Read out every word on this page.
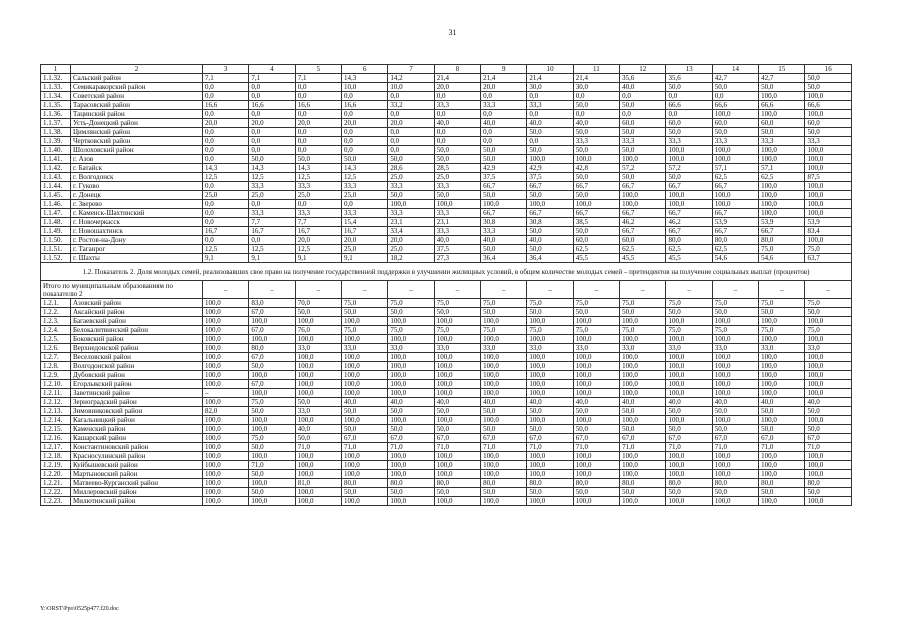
31
1	2	3	4	5	6	7	8	9	10	11	12	13	14	15	16
1.1.32.	Сальский район	7,1	7,1	7,1	14,3	14,2	21,4	21,4	21,4	21,4	35,6	35,6	42,7	42,7	50,0
1.1.33.	Семикаракорский район	0,0	0,0	0,0	10,0	10,0	20,0	20,0	30,0	30,0	40,0	50,0	50,0	50,0	50,0
1.1.34.	Советский район	0,0	0,0	0,0	0,0	0,0	0,0	0,0	0,0	0,0	0,0	0,0	0,0	100,0	100,0
1.1.35.	Тарасовский район	16,6	16,6	16,6	16,6	33,2	33,3	33,3	33,3	50,0	50,0	66,6	66,6	66,6	66,6
1.1.36.	Тацинский район	0,0	0,0	0,0	0,0	0,0	0,0	0,0	0,0	0,0	0,0	0,0	100,0	100,0	100,0
1.1.37.	Усть-Донецкий район	20,0	20,0	20,0	20,0	20,0	40,0	40,0	40,0	40,0	60,0	60,0	60,0	60,0	60,0
1.1.38.	Цимлянский район	0,0	0,0	0,0	0,0	0,0	0,0	0,0	50,0	50,0	50,0	50,0	50,0	50,0	50,0
1.1.39.	Чертковский район	0,0	0,0	0,0	0,0	0,0	0,0	0,0	0,0	33,3	33,3	33,3	33,3	33,3	33,3
1.1.40.	Шолоховский район	0,0	0,0	0,0	0,0	0,0	50,0	50,0	50,0	50,0	50,0	100,0	100,0	100,0	100,0
1.1.41.	г. Азов	0,0	50,0	50,0	50,0	50,0	50,0	50,0	100,0	100,0	100,0	100,0	100,0	100,0	100,0
1.1.42.	г. Батайск	14,3	14,3	14,3	14,3	28,6	28,5	42,9	42,9	42,8	57,2	57,2	57,1	57,1	100,0
1.1.43.	г. Волгодонск	12,5	12,5	12,5	12,5	25,0	25,0	37,5	37,5	50,0	50,0	50,0	62,5	62,5	87,5
1.1.44.	г. Гуково	0,0	33,3	33,3	33,3	33,3	33,3	66,7	66,7	66,7	66,7	66,7	66,7	100,0	100,0
1.1.45.	г. Донецк	25,0	25,0	25,0	25,0	50,0	50,0	50,0	50,0	50,0	100,0	100,0	100,0	100,0	100,0
1.1.46.	г. Зверево	0,0	0,0	0,0	0,0	100,0	100,0	100,0	100,0	100,0	100,0	100,0	100,0	100,0	100,0
1.1.47.	г. Каменск-Шахтинский	0,0	33,3	33,3	33,3	33,3	33,3	66,7	66,7	66,7	66,7	66,7	66,7	100,0	100,0
1.1.48.	г. Новочеркасск	0,0	7,7	7,7	15,4	23,1	23,1	30,8	30,8	38,5	46,2	46,2	53,9	53,9	53,9
1.1.49.	г. Новошахтинск	16,7	16,7	16,7	16,7	33,4	33,3	33,3	50,0	50,0	66,7	66,7	66,7	66,7	83,4
1.1.50.	г. Ростов-на-Дону	0,0	0,0	20,0	20,0	20,0	40,0	40,0	40,0	60,0	60,0	80,0	80,0	80,0	100,0
1.1.51.	г. Таганрог	12,5	12,5	12,5	25,0	25,0	37,5	50,0	50,0	62,5	62,5	62,5	62,5	75,0	75,0
1.1.52.	г. Шахты	9,1	9,1	9,1	9,1	18,2	27,3	36,4	36,4	45,5	45,5	45,5	54,6	54,6	63,7
1.2. Показатель 2. Доля молодых семей, реализовавших свое право на получение государственной поддержки в улучшении жилищных условий, в общем количестве молодых семей – претендентов на получение социальных выплат (процентов)															
Итого по муниципальным образованиям по показателю 2		–	–	–	–	–	–	–	–	–	–	–	–	–	–
1.2.1.	Азовский район	100,0	83,0	70,0	75,0	75,0	75,0	75,0	75,0	75,0	75,0	75,0	75,0	75,0	75,0
1.2.2.	Аксайский район	100,0	67,0	50,0	50,0	50,0	50,0	50,0	50,0	50,0	50,0	50,0	50,0	50,0	50,0
1.2.3.	Багаевский район	100,0	100,0	100,0	100,0	100,0	100,0	100,0	100,0	100,0	100,0	100,0	100,0	100,0	100,0
1.2.4.	Белокалитвинский район	100,0	67,0	76,0	75,0	75,0	75,0	75,0	75,0	75,0	75,0	75,0	75,0	75,0	75,0
1.2.5.	Боковский район	100,0	100,0	100,0	100,0	100,0	100,0	100,0	100,0	100,0	100,0	100,0	100,0	100,0	100,0
1.2.6.	Верхнедонской район	100,0	80,0	33,0	33,0	33,0	33,0	33,0	33,0	33,0	33,0	33,0	33,0	33,0	33,0
1.2.7.	Веселовский район	100,0	67,0	100,0	100,0	100,0	100,0	100,0	100,0	100,0	100,0	100,0	100,0	100,0	100,0
1.2.8.	Волгодонской район	100,0	50,0	100,0	100,0	100,0	100,0	100,0	100,0	100,0	100,0	100,0	100,0	100,0	100,0
1.2.9.	Дубовский район	100,0	100,0	100,0	100,0	100,0	100,0	100,0	100,0	100,0	100,0	100,0	100,0	100,0	100,0
1.2.10.	Егорлыкский район	100,0	67,0	100,0	100,0	100,0	100,0	100,0	100,0	100,0	100,0	100,0	100,0	100,0	100,0
1.2.11.	Заветинский район	–	100,0	100,0	100,0	100,0	100,0	100,0	100,0	100,0	100,0	100,0	100,0	100,0	100,0
1.2.12.	Зерноградский район	100,0	75,0	50,0	40,0	40,0	40,0	40,0	40,0	40,0	40,0	40,0	40,0	40,0	40,0
1.2.13.	Зимовниковский район	82,0	50,0	33,0	50,0	50,0	50,0	50,0	50,0	50,0	50,0	50,0	50,0	50,0	50,0
1.2.14.	Кагальницкий район	100,0	100,0	100,0	100,0	100,0	100,0	100,0	100,0	100,0	100,0	100,0	100,0	100,0	100,0
1.2.15.	Каменский район	100,0	100,0	40,0	50,0	50,0	50,0	50,0	50,0	50,0	50,0	50,0	50,0	50,0	50,0
1.2.16.	Кашарский район	100,0	75,0	50,0	67,0	67,0	67,0	67,0	67,0	67,0	67,0	67,0	67,0	67,0	67,0
1.2.17.	Константиновский район	100,0	50,0	71,0	71,0	71,0	71,0	71,0	71,0	71,0	71,0	71,0	71,0	71,0	71,0
1.2.18.	Красносулинский район	100,0	100,0	100,0	100,0	100,0	100,0	100,0	100,0	100,0	100,0	100,0	100,0	100,0	100,0
1.2.19.	Куйбышевский район	100,0	71,0	100,0	100,0	100,0	100,0	100,0	100,0	100,0	100,0	100,0	100,0	100,0	100,0
1.2.20.	Мартыновский район	100,0	50,0	100,0	100,0	100,0	100,0	100,0	100,0	100,0	100,0	100,0	100,0	100,0	100,0
1.2.21.	Матвеево-Курганский район	100,0	100,0	81,0	80,0	80,0	80,0	80,0	80,0	80,0	80,0	80,0	80,0	80,0	80,0
1.2.22.	Миллеровский район	100,0	50,0	100,0	50,0	50,0	50,0	50,0	50,0	50,0	50,0	50,0	50,0	50,0	50,0
1.2.23.	Милютинский район	100,0	100,0	100,0	100,0	100,0	100,0	100,0	100,0	100,0	100,0	100,0	100,0	100,0	100,0
Y:\ORST\Ppo\0525p477.f20.doc
